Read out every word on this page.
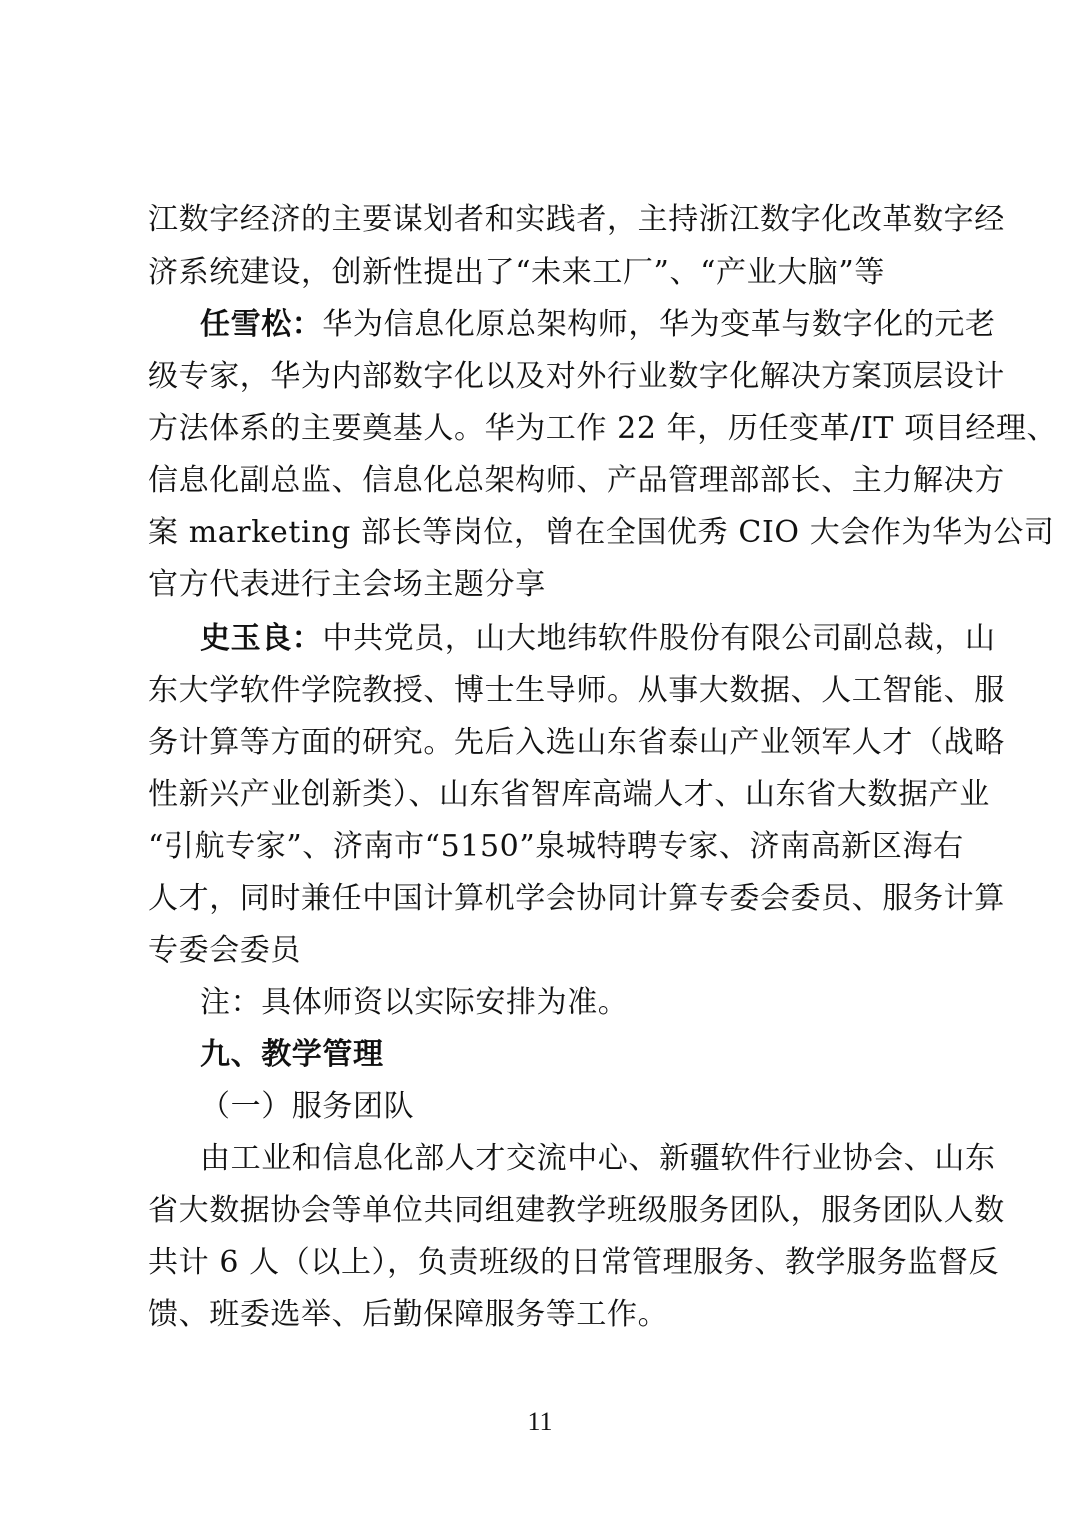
江数字经济的主要谋划者和实践者，主持浙江数字化改革数字经
济系统建设，创新性提出了“未来工厂”、“产业大脑”等
任雪松：华为信息化原总架构师，华为变革与数字化的元老
级专家，华为内部数字化以及对外行业数字化解决方案顶层设计
方法体系的主要奠基人。华为工作 22 年，历任变革/IT 项目经理、
信息化副总监、信息化总架构师、产品管理部部长、主力解决方
案 marketing 部长等岗位，曾在全国优秀 CIO 大会作为华为公司
官方代表进行主会场主题分享
史玉良：中共党员，山大地纬软件股份有限公司副总裁，山
东大学软件学院教授、博士生导师。从事大数据、人工智能、服
务计算等方面的研究。先后入选山东省泰山产业领军人才（战略
性新兴产业创新类）、山东省智库高端人才、山东省大数据产业
“引航专家”、济南市“5150”泉城特聘专家、济南高新区海右
人才，同时兼任中国计算机学会协同计算专委会委员、服务计算
专委会委员
注：具体师资以实际安排为准。
九、教学管理
（一）服务团队
由工业和信息化部人才交流中心、新疆软件行业协会、山东
省大数据协会等单位共同组建教学班级服务团队，服务团队人数
共计 6 人（以上），负责班级的日常管理服务、教学服务监督反
馈、班委选举、后勤保障服务等工作。
11
